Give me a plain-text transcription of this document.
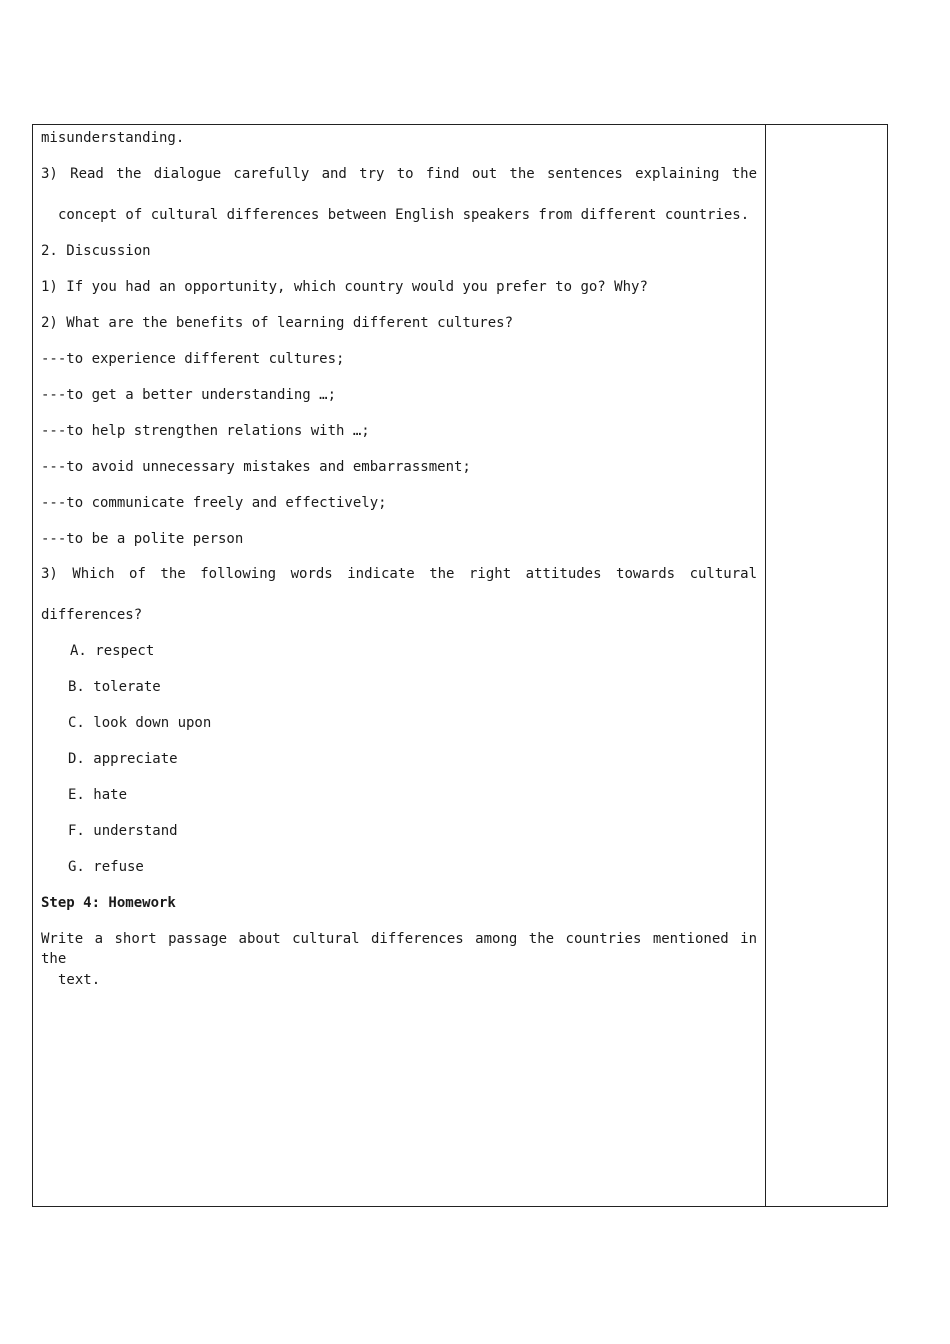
misunderstanding.
3) Read the dialogue carefully and try to find out the sentences explaining the
concept of cultural differences between English speakers from different countries.
2. Discussion
1) If you had an opportunity, which country would you prefer to go? Why?
2) What are the benefits of learning different cultures?
---to experience different cultures;
---to get a better understanding …;
---to help strengthen relations with …;
---to avoid unnecessary mistakes and embarrassment;
---to communicate freely and effectively;
---to be a polite person
3) Which of the following words indicate the right attitudes towards cultural
differences?
A. respect
B. tolerate
C. look down upon
D. appreciate
E. hate
F. understand
G. refuse
Step 4: Homework
Write a short passage about cultural differences among the countries mentioned in the
text.
